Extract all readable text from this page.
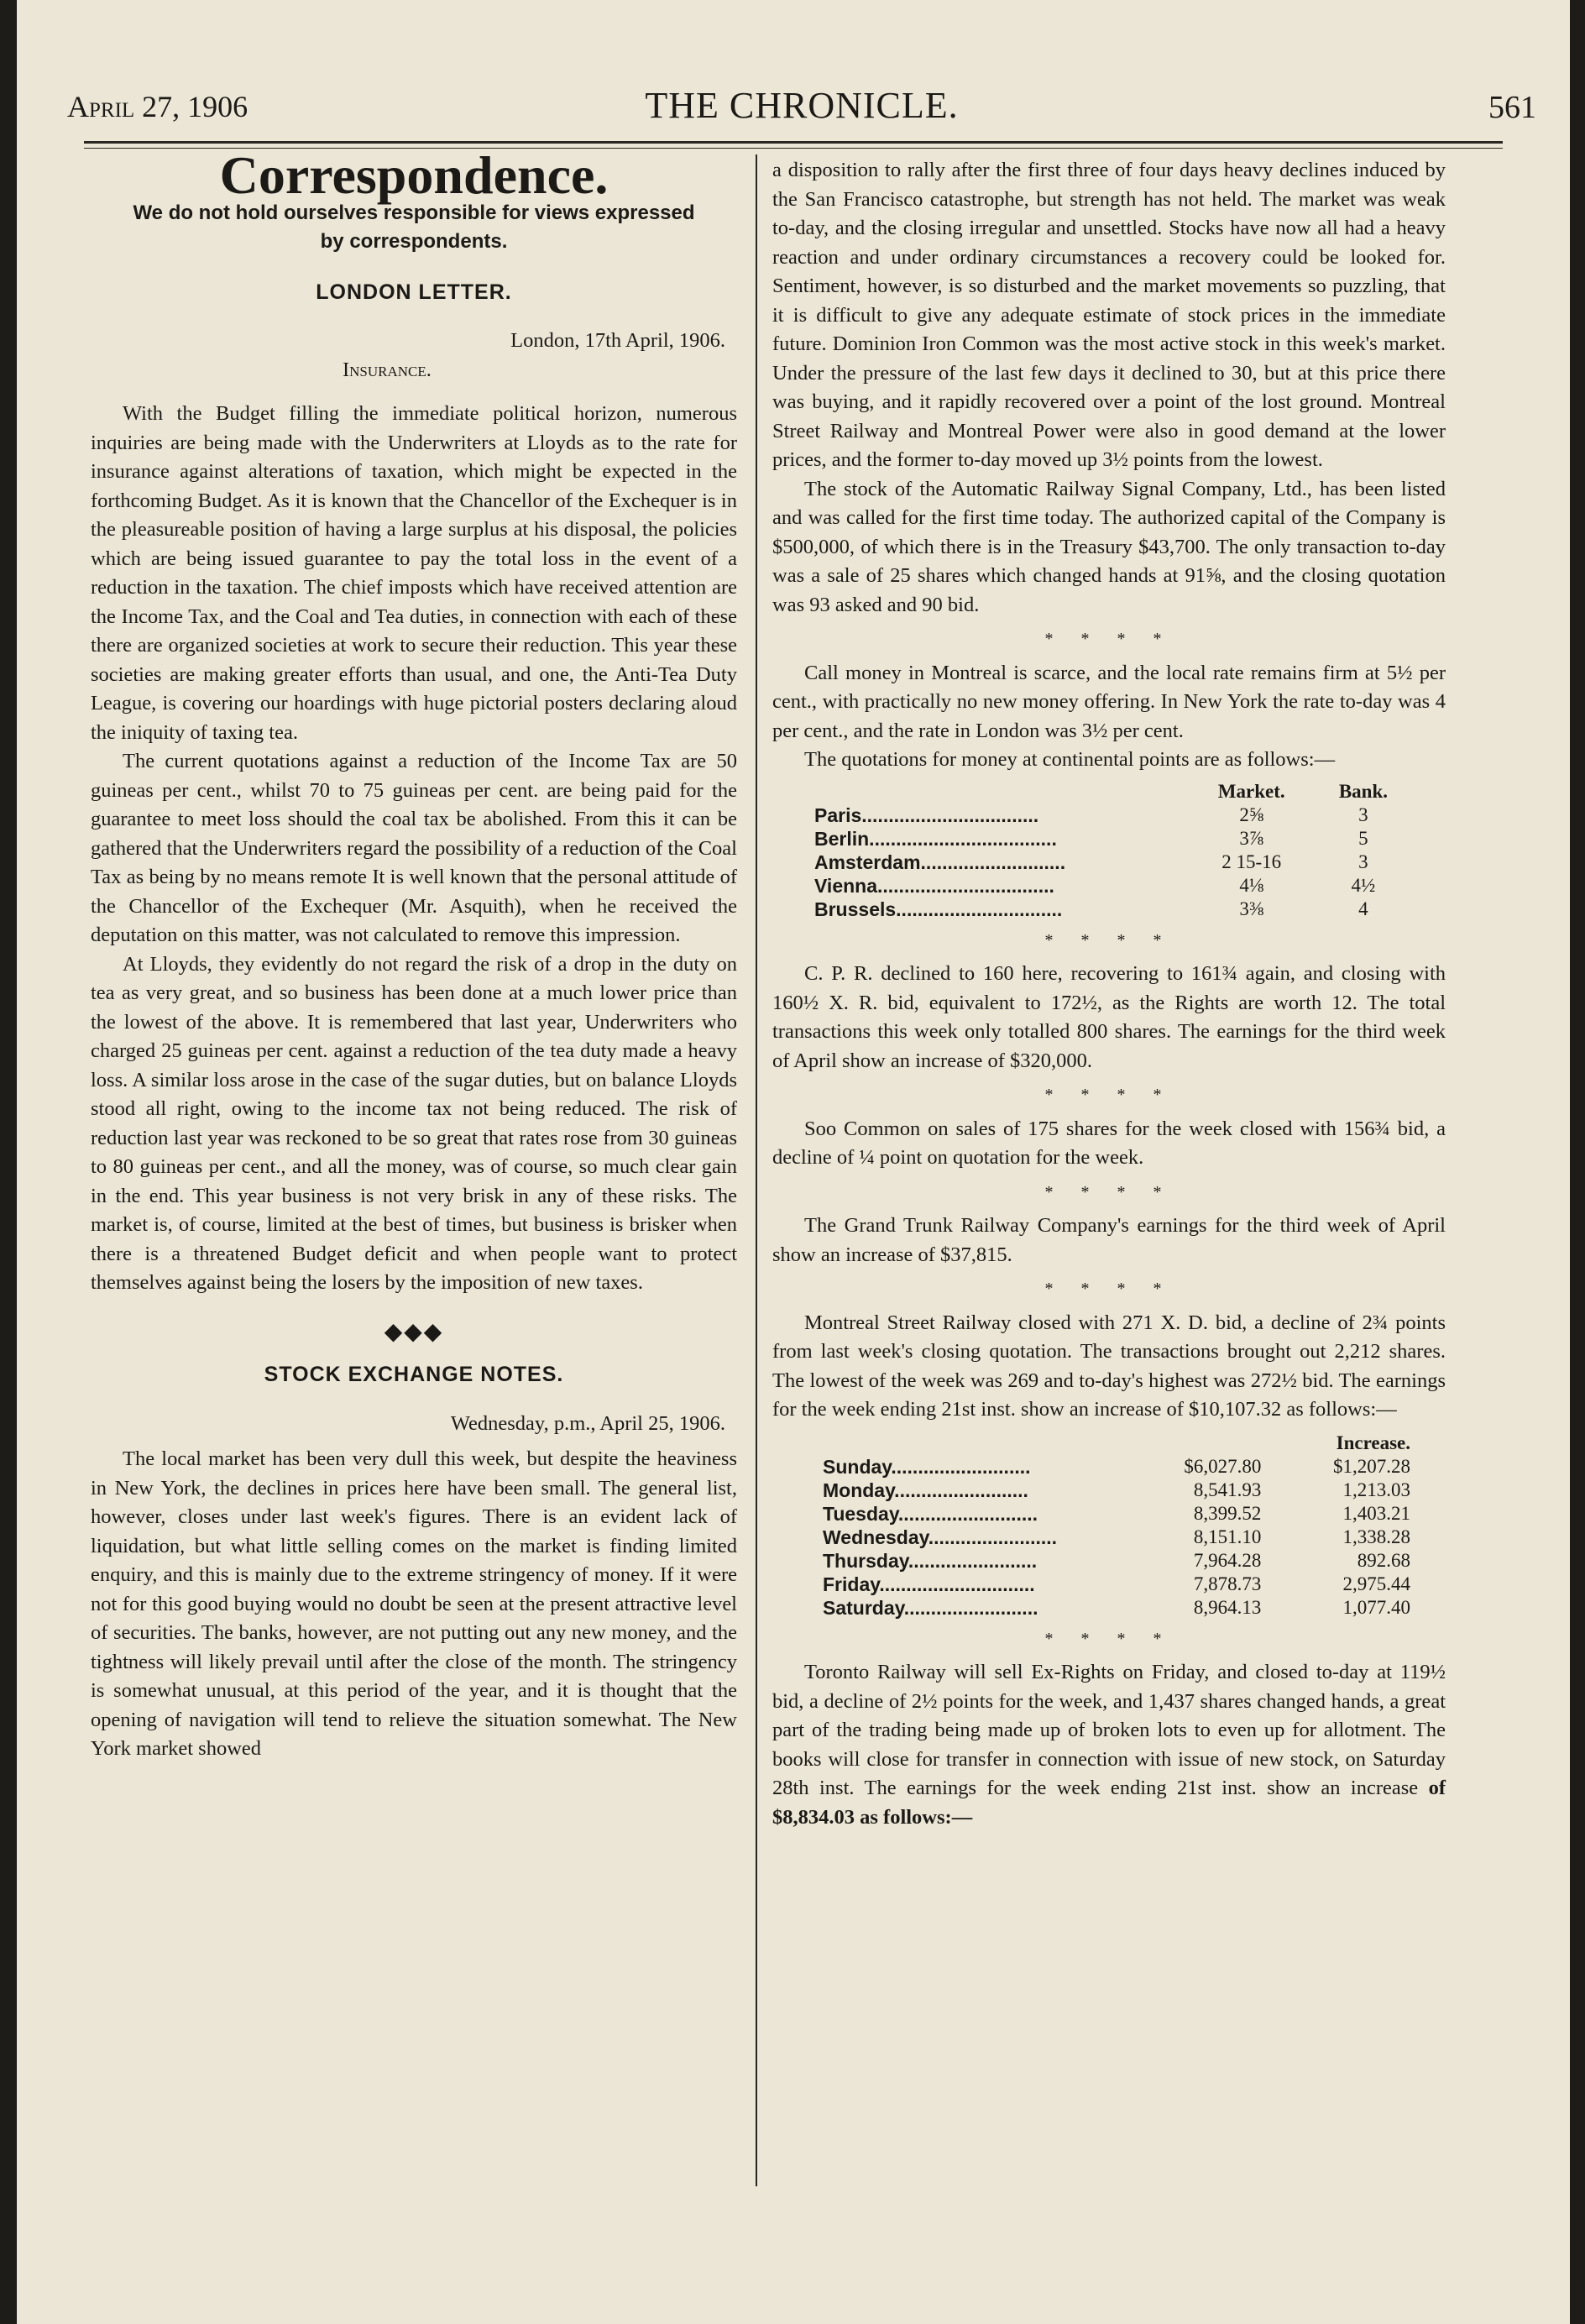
April 27, 1906	THE CHRONICLE.	561
Correspondence.
We do not hold ourselves responsible for views expressed by correspondents.
LONDON LETTER.
London, 17th April, 1906.
Insurance.

With the Budget filling the immediate political horizon, numerous inquiries are being made with the Underwriters at Lloyds as to the rate for insurance against alterations of taxation, which might be expected in the forthcoming Budget. As it is known that the Chancellor of the Exchequer is in the pleasureable position of having a large surplus at his disposal, the policies which are being issued guarantee to pay the total loss in the event of a reduction in the taxation. The chief imposts which have received attention are the Income Tax, and the Coal and Tea duties, in connection with each of these there are organized societies at work to secure their reduction. This year these societies are making greater efforts than usual, and one, the Anti-Tea Duty League, is covering our hoardings with huge pictorial posters declaring aloud the iniquity of taxing tea.

The current quotations against a reduction of the Income Tax are 50 guineas per cent., whilst 70 to 75 guineas per cent. are being paid for the guarantee to meet loss should the coal tax be abolished. From this it can be gathered that the Underwriters regard the possibility of a reduction of the Coal Tax as being by no means remote It is well known that the personal attitude of the Chancellor of the Exchequer (Mr. Asquith), when he received the deputation on this matter, was not calculated to remove this impression.

At Lloyds, they evidently do not regard the risk of a drop in the duty on tea as very great, and so business has been done at a much lower price than the lowest of the above. It is remembered that last year, Underwriters who charged 25 guineas per cent. against a reduction of the tea duty made a heavy loss. A similar loss arose in the case of the sugar duties, but on balance Lloyds stood all right, owing to the income tax not being reduced. The risk of reduction last year was reckoned to be so great that rates rose from 30 guineas to 80 guineas per cent., and all the money, was of course, so much clear gain in the end. This year business is not very brisk in any of these risks. The market is, of course, limited at the best of times, but business is brisker when there is a threatened Budget deficit and when people want to protect themselves against being the losers by the imposition of new taxes.

◆◆◆
STOCK EXCHANGE NOTES.
Wednesday, p.m., April 25, 1906.

The local market has been very dull this week, but despite the heaviness in New York, the declines in prices here have been small. The general list, however, closes under last week's figures. There is an evident lack of liquidation, but what little selling comes on the market is finding limited enquiry, and this is mainly due to the extreme stringency of money. If it were not for this good buying would no doubt be seen at the present attractive level of securities. The banks, however, are not putting out any new money, and the tightness will likely prevail until after the close of the month. The stringency is somewhat unusual, at this period of the year, and it is thought that the opening of navigation will tend to relieve the situation somewhat. The New York market showed

a disposition to rally after the first three of four days heavy declines induced by the San Francisco catastrophe, but strength has not held. The market was weak to-day, and the closing irregular and unsettled. Stocks have now all had a heavy reaction and under ordinary circumstances a recovery could be looked for. Sentiment, however, is so disturbed and the market movements so puzzling, that it is difficult to give any adequate estimate of stock prices in the immediate future. Dominion Iron Common was the most active stock in this week's market. Under the pressure of the last few days it declined to 30, but at this price there was buying, and it rapidly recovered over a point of the lost ground. Montreal Street Railway and Montreal Power were also in good demand at the lower prices, and the former to-day moved up 3½ points from the lowest.

The stock of the Automatic Railway Signal Company, Ltd., has been listed and was called for the first time today. The authorized capital of the Company is $500,000, of which there is in the Treasury $43,700. The only transaction to-day was a sale of 25 shares which changed hands at 91⅝, and the closing quotation was 93 asked and 90 bid.

* * * *

Call money in Montreal is scarce, and the local rate remains firm at 5½ per cent., with practically no new money offering. In New York the rate to-day was 4 per cent., and the rate in London was 3½ per cent.

The quotations for money at continental points are as follows:—

	Market.	Bank.
Paris.................................	2⅝	3
Berlin...................................	3⅞	5
Amsterdam...........................	2 15-16	3
Vienna.................................	4⅛	4½
Brussels...............................	3⅜	4
* * * *

C. P. R. declined to 160 here, recovering to 161¾ again, and closing with 160½ X. R. bid, equivalent to 172½, as the Rights are worth 12. The total transactions this week only totalled 800 shares. The earnings for the third week of April show an increase of $320,000.

* * * *

Soo Common on sales of 175 shares for the week closed with 156¾ bid, a decline of ¼ point on quotation for the week.

* * * *

The Grand Trunk Railway Company's earnings for the third week of April show an increase of $37,815.

* * * *

Montreal Street Railway closed with 271 X. D. bid, a decline of 2¾ points from last week's closing quotation. The transactions brought out 2,212 shares. The lowest of the week was 269 and to-day's highest was 272½ bid. The earnings for the week ending 21st inst. show an increase of $10,107.32 as follows:—

		Increase.
Sunday..........................	$6,027.80	$1,207.28
Monday.........................	8,541.93	1,213.03
Tuesday..........................	8,399.52	1,403.21
Wednesday........................	8,151.10	1,338.28
Thursday........................	7,964.28	892.68
Friday.............................	7,878.73	2,975.44
Saturday.........................	8,964.13	1,077.40
* * * *

Toronto Railway will sell Ex-Rights on Friday, and closed to-day at 119½ bid, a decline of 2½ points for the week, and 1,437 shares changed hands, a great part of the trading being made up of broken lots to even up for allotment. The books will close for transfer in connection with issue of new stock, on Saturday 28th inst. The earnings for the week ending 21st inst. show an increase of $8,834.03 as follows:—
